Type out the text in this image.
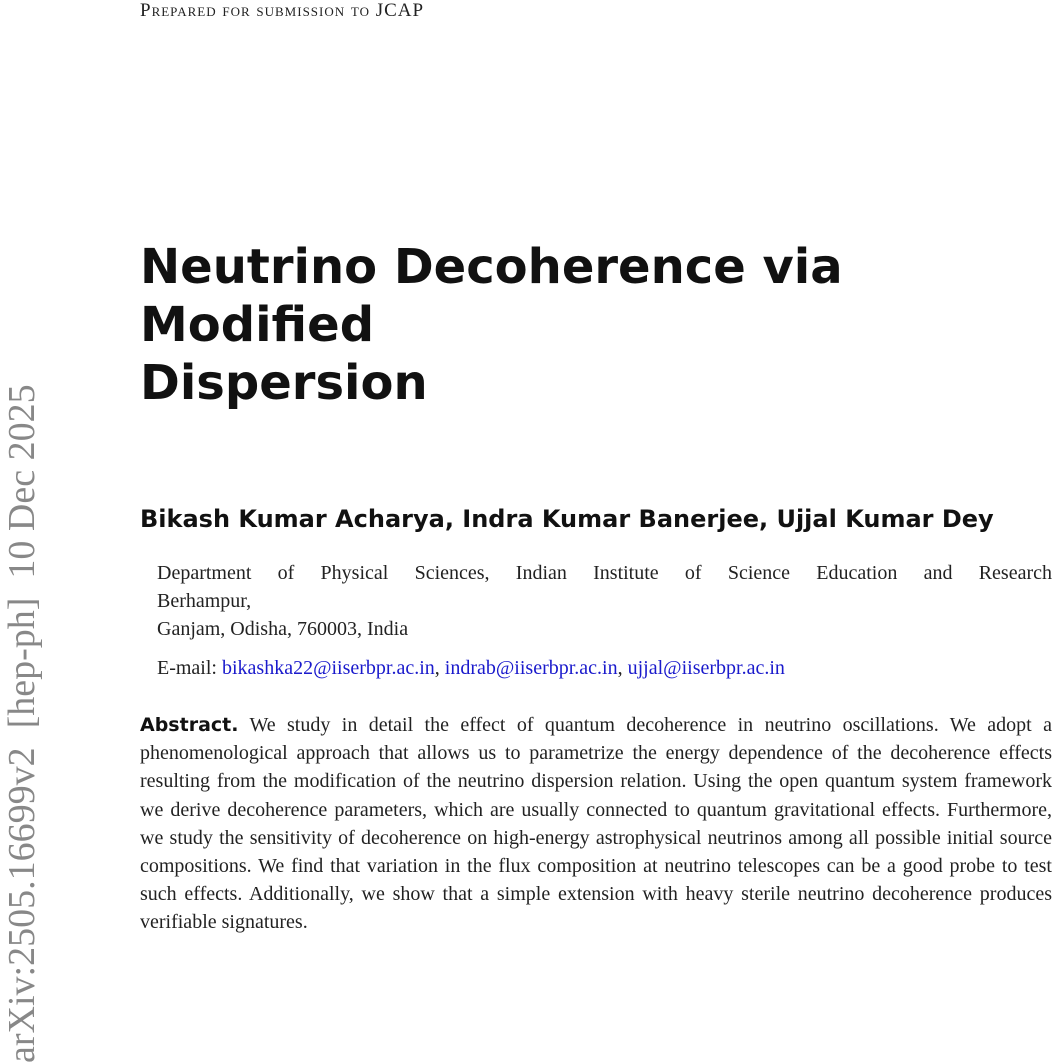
Prepared for submission to JCAP
Neutrino Decoherence via Modified
Dispersion
Bikash Kumar Acharya, Indra Kumar Banerjee, Ujjal Kumar Dey
Department of Physical Sciences, Indian Institute of Science Education and Research
Berhampur,
Ganjam, Odisha, 760003, India
E-mail: bikashka22@iiserbpr.ac.in, indrab@iiserbpr.ac.in, ujjal@iiserbpr.ac.in

Abstract. We study in detail the effect of quantum decoherence in neutrino oscillations. We adopt a phenomenological approach that allows us to parametrize the energy dependence of the decoherence effects resulting from the modification of the neutrino dispersion relation. Using the open quantum system framework we derive decoherence parameters, which are usually connected to quantum gravitational effects. Furthermore, we study the sensitivity of decoherence on high-energy astrophysical neutrinos among all possible initial source compositions. We find that variation in the flux composition at neutrino telescopes can be a good probe to test such effects. Additionally, we show that a simple extension with heavy sterile neutrino decoherence produces verifiable signatures.

arXiv:2505.16699v2  [hep-ph]  10 Dec 2025
